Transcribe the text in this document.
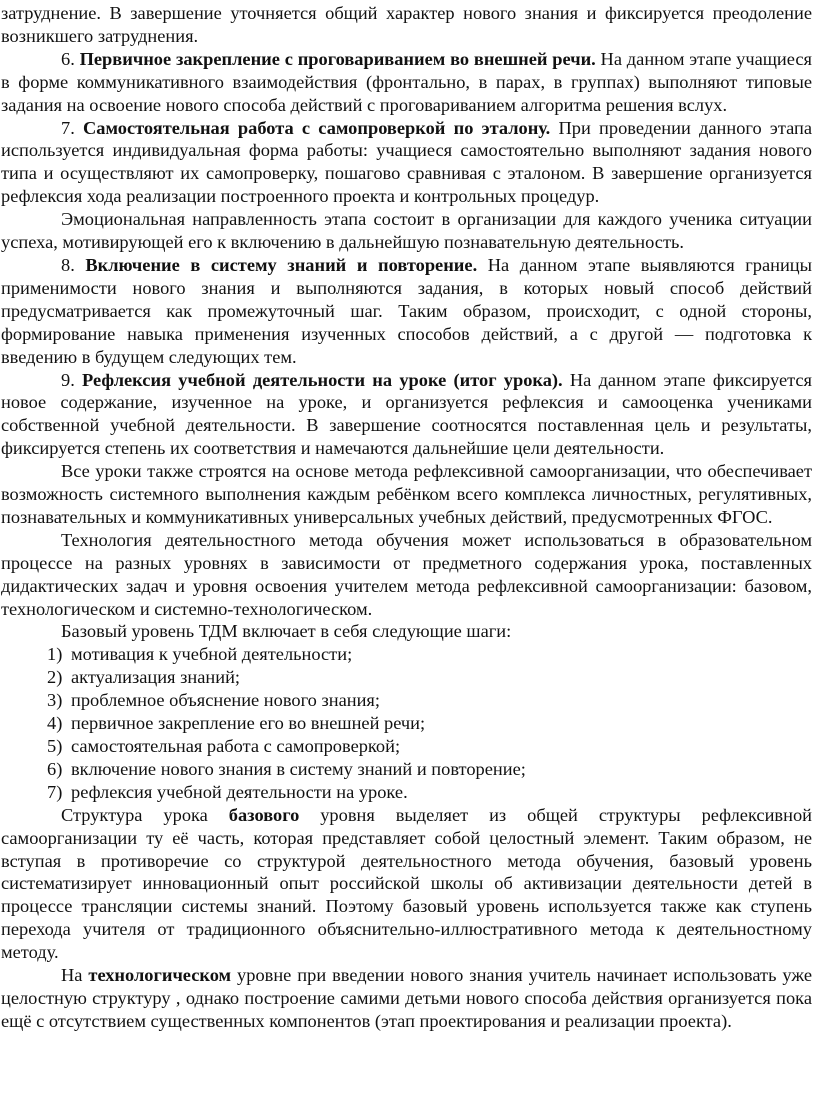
затруднение. В завершение уточняется общий характер нового знания и фиксируется преодоление возникшего затруднения.

6. Первичное закрепление с проговариванием во внешней речи. На данном этапе учащиеся в форме коммуникативного взаимодействия (фронтально, в парах, в группах) выполняют типовые задания на освоение нового способа действий с проговариванием алгоритма решения вслух.

7. Самостоятельная работа с самопроверкой по эталону. При проведении данного этапа используется индивидуальная форма работы: учащиеся самостоятельно выполняют задания нового типа и осуществляют их самопроверку, пошагово сравнивая с эталоном. В завершение организуется рефлексия хода реализации построенного проекта и контрольных процедур.

Эмоциональная направленность этапа состоит в организации для каждого ученика ситуации успеха, мотивирующей его к включению в дальнейшую познавательную деятельность.

8. Включение в систему знаний и повторение. На данном этапе выявляются границы применимости нового знания и выполняются задания, в которых новый способ действий предусматривается как промежуточный шаг. Таким образом, происходит, с одной стороны, формирование навыка применения изученных способов действий, а с другой — подготовка к введению в будущем следующих тем.

9. Рефлексия учебной деятельности на уроке (итог урока). На данном этапе фиксируется новое содержание, изученное на уроке, и организуется рефлексия и самооценка учениками собственной учебной деятельности. В завершение соотносятся поставленная цель и результаты, фиксируется степень их соответствия и намечаются дальнейшие цели деятельности.

Все уроки также строятся на основе метода рефлексивной самоорганизации, что обеспечивает возможность системного выполнения каждым ребёнком всего комплекса личностных, регулятивных, познавательных и коммуникативных универсальных учебных действий, предусмотренных ФГОС.

Технология деятельностного метода обучения может использоваться в образовательном процессе на разных уровнях в зависимости от предметного содержания урока, поставленных дидактических задач и уровня освоения учителем метода рефлексивной самоорганизации: базовом, технологическом и системно-технологическом.

Базовый уровень ТДМ включает в себя следующие шаги:

1) мотивация к учебной деятельности;
2) актуализация знаний;
3) проблемное объяснение нового знания;
4) первичное закрепление его во внешней речи;
5) самостоятельная работа с самопроверкой;
6) включение нового знания в систему знаний и повторение;
7) рефлексия учебной деятельности на уроке.

Структура урока базового уровня выделяет из общей структуры рефлексивной самоорганизации ту её часть, которая представляет собой целостный элемент. Таким образом, не вступая в противоречие со структурой деятельностного метода обучения, базовый уровень систематизирует инновационный опыт российской школы об активизации деятельности детей в процессе трансляции системы знаний. Поэтому базовый уровень используется также как ступень перехода учителя от традиционного объяснительно-иллюстративного метода к деятельностному методу.

На технологическом уровне при введении нового знания учитель начинает использовать уже целостную структуру , однако построение самими детьми нового способа действия организуется пока ещё с отсутствием существенных компонентов (этап проектирования и реализации проекта).
